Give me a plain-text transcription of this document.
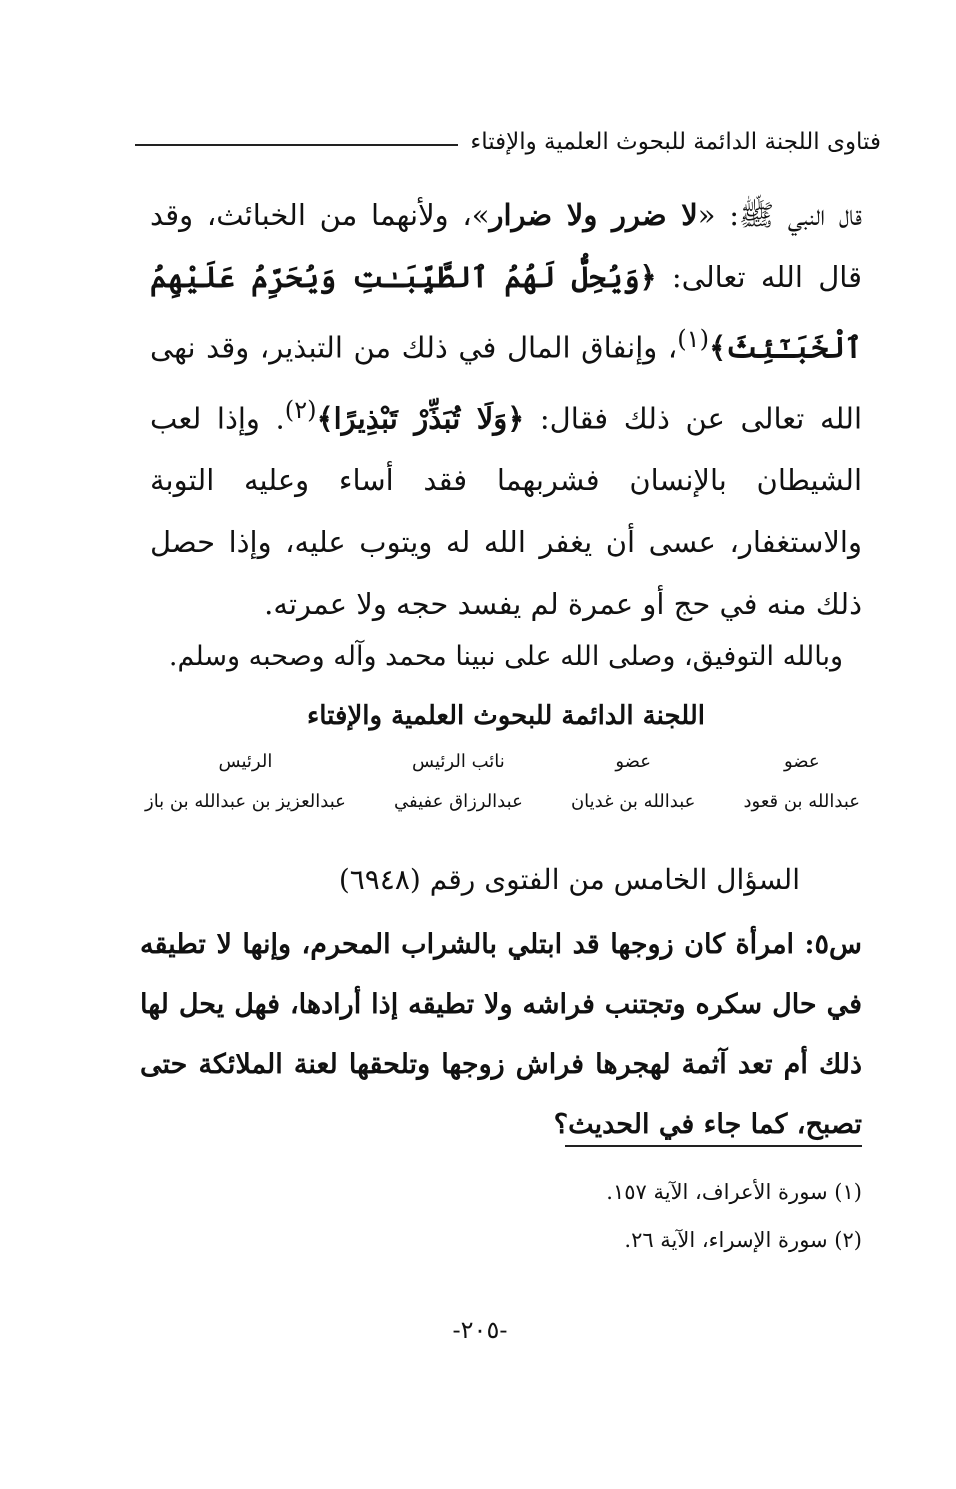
فتاوى اللجنة الدائمة للبحوث العلمية والإفتاء
قال النبي ﷺ: «لا ضرر ولا ضرار»، ولأنهما من الخبائث، وقد قال الله تعالى: ﴿وَيُحِلُّ لَهُمُ ٱلطَّيِّبَـٰتِ وَيُحَرِّمُ عَلَيْهِمُ ٱلْخَبَـٰٓئِثَ﴾$^{(١)}$، وإنفاق المال في ذلك من التبذير، وقد نهى الله تعالى عن ذلك فقال: ﴿وَلَا تُبَذِّرْ تَبْذِيرًا﴾$^{(٢)}$. وإذا لعب الشيطان بالإنسان فشربهما فقد أساء وعليه التوبة والاستغفار، عسى أن يغفر الله له ويتوب عليه، وإذا حصل ذلك منه في حج أو عمرة لم يفسد حجه ولا عمرته.
وبالله التوفيق، وصلى الله على نبينا محمد وآله وصحبه وسلم.
اللجنة الدائمة للبحوث العلمية والإفتاء
عضو
عبدالله بن قعود
عضو
عبدالله بن غديان
نائب الرئيس
عبدالرزاق عفيفي
الرئيس
عبدالعزيز بن عبدالله بن باز
السؤال الخامس من الفتوى رقم (٦٩٤٨)
س٥: امرأة كان زوجها قد ابتلي بالشراب المحرم، وإنها لا تطيقه في حال سكره وتجتنب فراشه ولا تطيقه إذا أرادها، فهل يحل لها ذلك أم تعد آثمة لهجرها فراش زوجها وتلحقها لعنة الملائكة حتى تصبح، كما جاء في الحديث؟
(١) سورة الأعراف، الآية ١٥٧.
(٢) سورة الإسراء، الآية ٢٦.
-٢٠٥-
